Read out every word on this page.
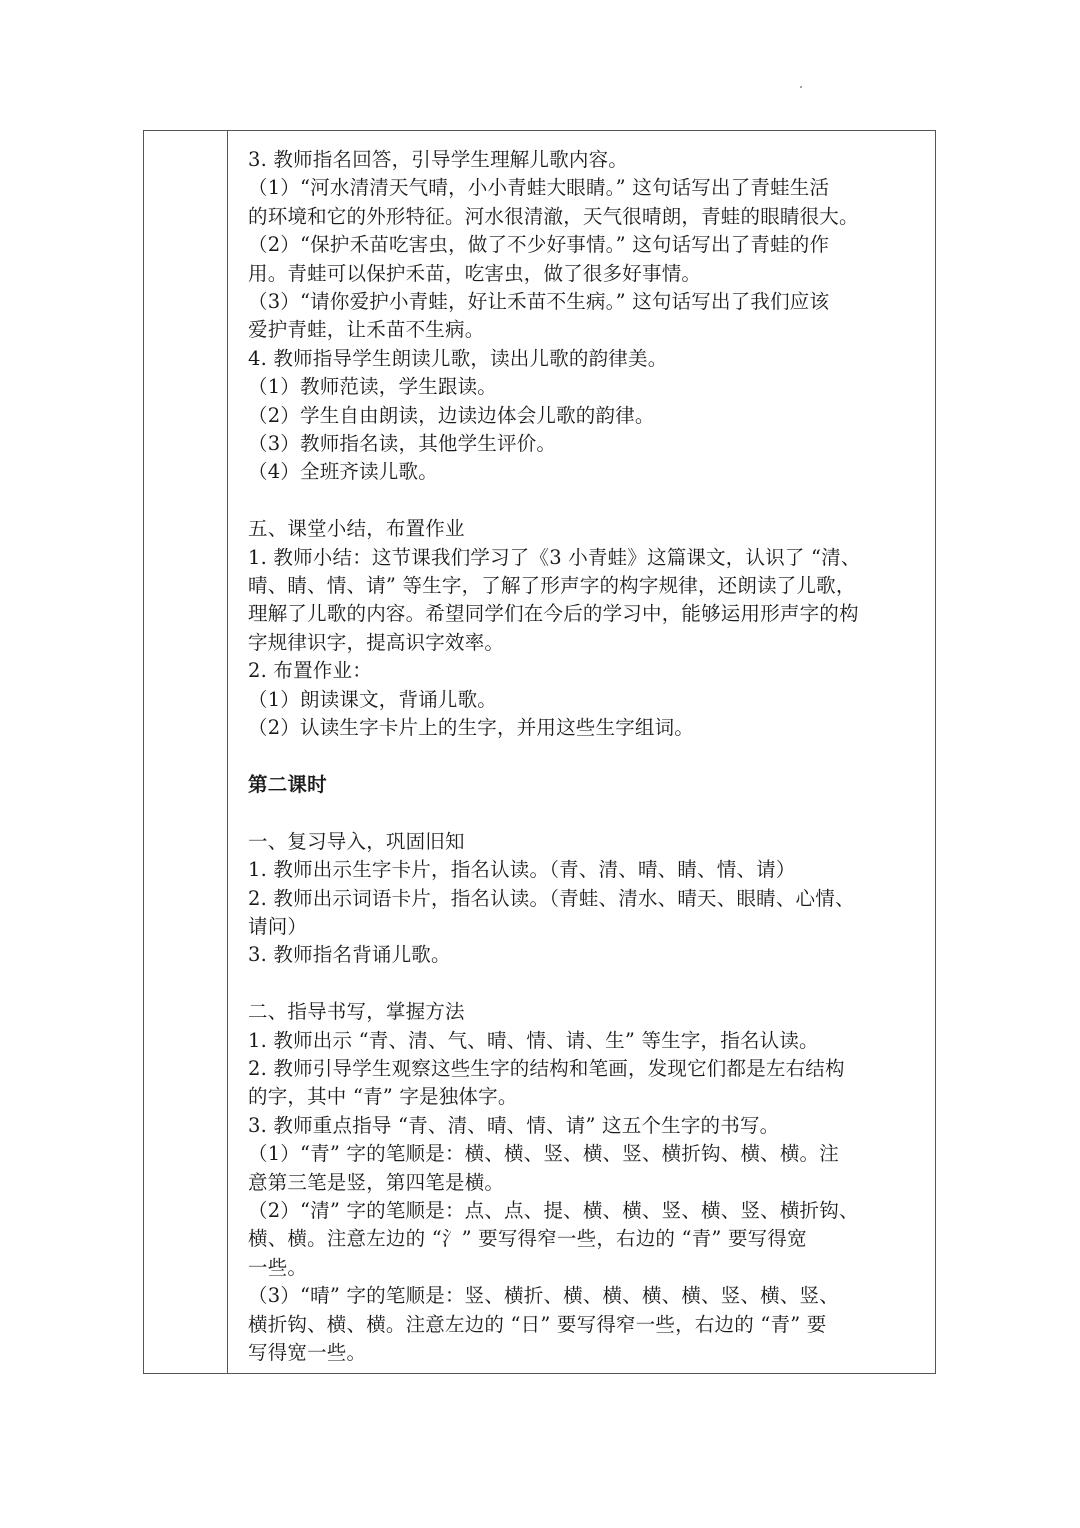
3. 教师指名回答，引导学生理解儿歌内容。
（1）“河水清清天气晴，小小青蛙大眼睛。” 这句话写出了青蛙生活
的环境和它的外形特征。河水很清澈，天气很晴朗，青蛙的眼睛很大。
（2）“保护禾苗吃害虫，做了不少好事情。” 这句话写出了青蛙的作
用。青蛙可以保护禾苗，吃害虫，做了很多好事情。
（3）“请你爱护小青蛙，好让禾苗不生病。” 这句话写出了我们应该
爱护青蛙，让禾苗不生病。
4. 教师指导学生朗读儿歌，读出儿歌的韵律美。
（1）教师范读，学生跟读。
（2）学生自由朗读，边读边体会儿歌的韵律。
（3）教师指名读，其他学生评价。
（4）全班齐读儿歌。
五、课堂小结，布置作业
1. 教师小结：这节课我们学习了《3 小青蛙》这篇课文，认识了 “清、
晴、睛、情、请” 等生字，了解了形声字的构字规律，还朗读了儿歌，
理解了儿歌的内容。希望同学们在今后的学习中，能够运用形声字的构
字规律识字，提高识字效率。
2. 布置作业：
（1）朗读课文，背诵儿歌。
（2）认读生字卡片上的生字，并用这些生字组词。
第二课时
一、复习导入，巩固旧知
1. 教师出示生字卡片，指名认读。（青、清、晴、睛、情、请）
2. 教师出示词语卡片，指名认读。（青蛙、清水、晴天、眼睛、心情、
请问）
3. 教师指名背诵儿歌。
二、指导书写，掌握方法
1. 教师出示 “青、清、气、晴、情、请、生” 等生字，指名认读。
2. 教师引导学生观察这些生字的结构和笔画，发现它们都是左右结构
的字，其中 “青” 字是独体字。
3. 教师重点指导 “青、清、晴、情、请” 这五个生字的书写。
（1）“青” 字的笔顺是：横、横、竖、横、竖、横折钩、横、横。注
意第三笔是竖，第四笔是横。
（2）“清” 字的笔顺是：点、点、提、横、横、竖、横、竖、横折钩、
横、横。注意左边的 “氵” 要写得窄一些，右边的 “青” 要写得宽
一些。
（3）“晴” 字的笔顺是：竖、横折、横、横、横、横、竖、横、竖、
横折钩、横、横。注意左边的 “日” 要写得窄一些，右边的 “青” 要
写得宽一些。
